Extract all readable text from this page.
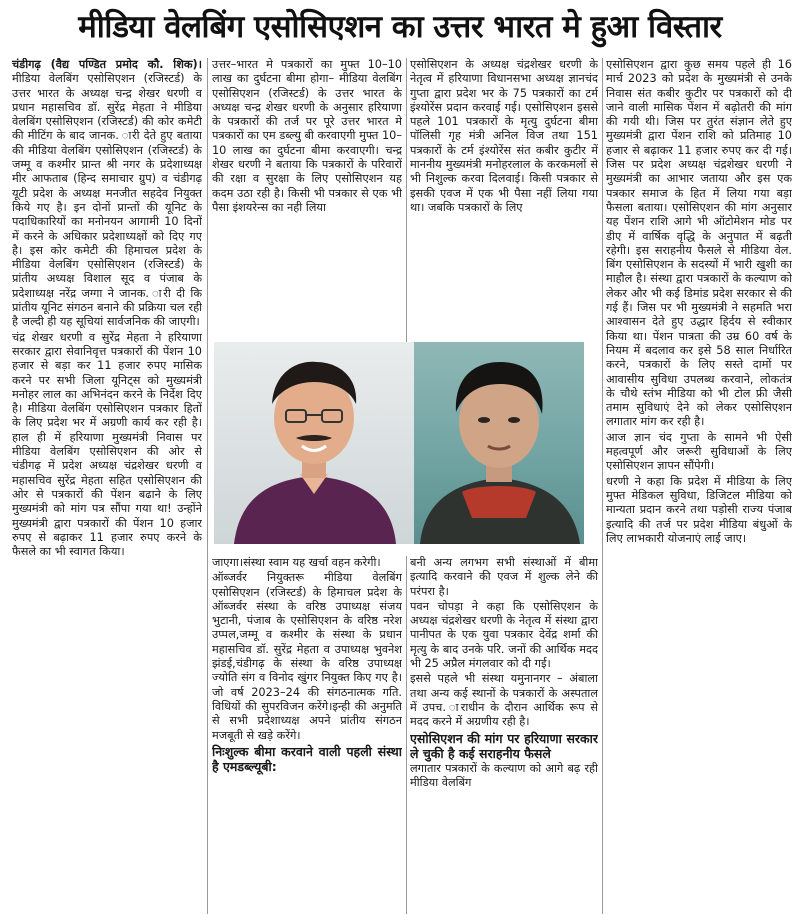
मीडिया वेलबिंग एसोसिएशन का उत्तर भारत मे हुआ विस्तार

चंडीगढ़ (वैद्य पण्डित प्रमोद कौ. शिक)। मीडिया वेलबिंग एसोसिएशन (रजिस्टर्ड) के उत्तर भारत के अध्यक्ष चन्द्र शेखर धरणी व प्रधान महासचिव डॉ. सुरेंद्र मेहता ने मीडिया वेलबिंग एसोसिएशन (रजिस्टर्ड) की कोर कमेटी की मीटिंग के बाद जानक. ारी देते हुए बताया की मीडिया वेलबिंग एसोसिएशन (रजिस्टर्ड) के जम्मू व कश्मीर प्रान्त श्री नगर के प्रदेशाध्यक्ष मीर आफताब (हिन्द समाचार ग्रुप) व चंडीगढ़ यूटी प्रदेश के अध्यक्ष मनजीत सहदेव नियुक्त किये गए है। इन दोनों प्रान्तों की यूनिट के पदाधिकारियों का मनोनयन आगामी 10 दिनों में करने के अधिकार प्रदेशाध्यक्षों को दिए गए है। इस कोर कमेटी की हिमाचल प्रदेश के मीडिया वेलबिंग एसोसिएशन (रजिस्टर्ड) के प्रांतीय अध्यक्ष विशाल सूद व पंजाब के प्रदेशाध्यक्ष नरेंद्र जग्गा ने जानक. ारी दी कि प्रांतीय यूनिट संगठन बनाने की प्रक्रिया चल रही है जल्दी ही यह सूचियां सार्वजनिक की जाएगी।

चंद्र शेखर धरणी व सुरेंद्र मेहता ने हरियाणा सरकार द्वारा सेवानिवृत्त पत्रकारों की पेंशन 10 हजार से बड़ा कर 11 हजार रुपए मासिक करने पर सभी जिला यूनिट्स को मुख्यमंत्री मनोहर लाल का अभिनंदन करने के निर्देश दिए है। मीडिया वेलबिंग एसोसिएशन पत्रकार हितों के लिए प्रदेश भर में अग्रणी कार्य कर रही है। हाल ही में हरियाणा मुख्यमंत्री निवास पर मीडिया वेलबिंग एसोसिएशन की ओर से चंडीगढ़ में प्रदेश अध्यक्ष चंद्रशेखर धरणी व महासचिव सुरेंद्र मेहता सहित एसोसिएशन की ओर से पत्रकारों की पेंशन बढाने के लिए मुख्यमंत्री को मांग पत्र सौंपा गया था! उन्होंने मुख्यमंत्री द्वारा पत्रकारों की पेंशन 10 हजार रुपए से बढ़ाकर 11 हजार रुपए करने के फैसले का भी स्वागत किया।

उत्तर–भारत मे पत्रकारों का मुफ्त 10–10 लाख का दुर्घटना बीमा होगा– मीडिया वेलबिंग एसोसिएशन (रजिस्टर्ड) के उत्तर भारत के अध्यक्ष चन्द्र शेखर धरणी के अनुसार हरियाणा के पत्रकारों की तर्ज पर पूरे उत्तर भारत मे पत्रकारों का एम डब्ल्यु बी करवाएगी मुफ्त 10–10 लाख का दुर्घटना बीमा करवाएगी। चन्द्र शेखर धरणी ने बताया कि पत्रकारों के परिवारों की रक्षा व सुरक्षा के लिए एसोसिएशन यह कदम उठा रही है। किसी भी पत्रकार से एक भी पैसा इंशयरेन्स का नही लिया

जाएगा।संस्था स्वाम यह खर्चा वहन करेगी।

ऑब्जर्वर नियुक्तरू मीडिया वेलबिंग एसोसिएशन (रजिस्टर्ड) के हिमाचल प्रदेश के ऑब्जर्वर संस्था के वरिष्ठ उपाध्यक्ष संजय भुटानी, पंजाब के एसोसिएशन के वरिष्ठ नरेश उप्पल,जम्मू व कश्मीर के संस्था के प्रधान महासचिव डॉ. सुरेंद्र मेहता व उपाध्यक्ष भुवनेश झंडई,चंडीगढ़ के संस्था के वरिष्ठ उपाध्यक्ष ज्योति संग व विनोद खुंगर नियुक्त किए गए है। जो वर्ष 2023–24 की संगठनात्मक गति. विधियों की सुपरविजन करेंगे।इन्ही की अनुमति से सभी प्रदेशाध्यक्ष अपने प्रांतीय संगठन मजबूती से खड़े करेंगे।

निःशुल्क बीमा करवाने वाली पहली संस्था है एमडब्ल्यूबी:

एसोसिएशन के अध्यक्ष चंद्रशेखर धरणी के नेतृत्व में हरियाणा विधानसभा अध्यक्ष ज्ञानचंद गुप्ता द्वारा प्रदेश भर के 75 पत्रकारों का टर्म इंश्योरेंस प्रदान करवाई गई। एसोसिएशन इससे पहले 101 पत्रकारों के मृत्यु दुर्घटना बीमा पॉलिसी गृह मंत्री अनिल विज तथा 151 पत्रकारों के टर्म इंश्योरेंस संत कबीर कुटीर में माननीय मुख्यमंत्री मनोहरलाल के करकमलों से भी निशुल्क करवा दिलवाई। किसी पत्रकार से इसकी एवज में एक भी पैसा नहीं लिया गया था। जबकि पत्रकारों के लिए

बनी अन्य लगभग सभी संस्थाओं में बीमा इत्यादि करवाने की एवज में शुल्क लेने की परंपरा है।

पवन चोपड़ा ने कहा कि एसोसिएशन के अध्यक्ष चंद्रशेखर धरणी के नेतृत्व में संस्था द्वारा पानीपत के एक युवा पत्रकार देवेंद्र शर्मा की मृत्यु के बाद उनके परि. जनों की आर्थिक मदद भी 25 अप्रैल मंगलवार को दी गई।

इससे पहले भी संस्था यमुनानगर – अंबाला तथा अन्य कई स्थानों के पत्रकारों के अस्पताल में उपच. ाराधीन के दौरान आर्थिक रूप से मदद करने में अग्रणीय रही है।

एसोसिएशन की मांग पर हरियाणा सरकार ले चुकी है कई सराहनीय फैसले

लगातार पत्रकारों के कल्याण को आगे बढ़ रही मीडिया वेलबिंग

एसोसिएशन द्वारा कुछ समय पहले ही 16 मार्च 2023 को प्रदेश के मुख्यमंत्री से उनके निवास संत कबीर कुटीर पर पत्रकारों को दी जाने वाली मासिक पेंशन में बढ़ोतरी की मांग की गयी थी। जिस पर तुरंत संज्ञान लेते हुए मुख्यमंत्री द्वारा पेंशन राशि को प्रतिमाह 10 हजार से बढ़ाकर 11 हजार रुपए कर दी गई। जिस पर प्रदेश अध्यक्ष चंद्रशेखर धरणी ने मुख्यमंत्री का आभार जताया और इस एक पत्रकार समाज के हित में लिया गया बड़ा फैसला बताया। एसोसिएशन की मांग अनुसार यह पेंशन राशि आगे भी ऑटोमेशन मोड पर डीए में वार्षिक वृद्धि के अनुपात में बढ़ती रहेगी। इस सराहनीय फैसले से मीडिया वेल. बिंग एसोसिएशन के सदस्यों में भारी खुशी का माहौल है। संस्था द्वारा पत्रकारों के कल्याण को लेकर और भी कई डिमांड प्रदेश सरकार से की गई हैं। जिस पर भी मुख्यमंत्री ने सहमति भरा आश्वासन देते हुए उद्धार हिर्दय से स्वीकार किया था। पेंशन पात्रता की उम्र 60 वर्ष के नियम में बदलाव कर इसे 58 साल निर्धारित करने, पत्रकारों के लिए सस्ते दामों पर आवासीय सुविधा उपलब्ध करवाने, लोकतंत्र के चौथे स्तंभ मीडिया को भी टोल फ्री जैसी तमाम सुविधाएं देने को लेकर एसोसिएशन लगातार मांग कर रही है।

आज ज्ञान चंद गुप्ता के सामने भी ऐसी महत्वपूर्ण और जरूरी सुविधाओं के लिए एसोसिएशन ज्ञापन सौंपेगी।

धरणी ने कहा कि प्रदेश में मीडिया के लिए मुफ्त मेडिकल सुविधा, डिजिटल मीडिया को मान्यता प्रदान करने तथा पड़ोसी राज्य पंजाब इत्यादि की तर्ज पर प्रदेश मीडिया बंधुओं के लिए लाभकारी योजनाएं लाई जाए।
